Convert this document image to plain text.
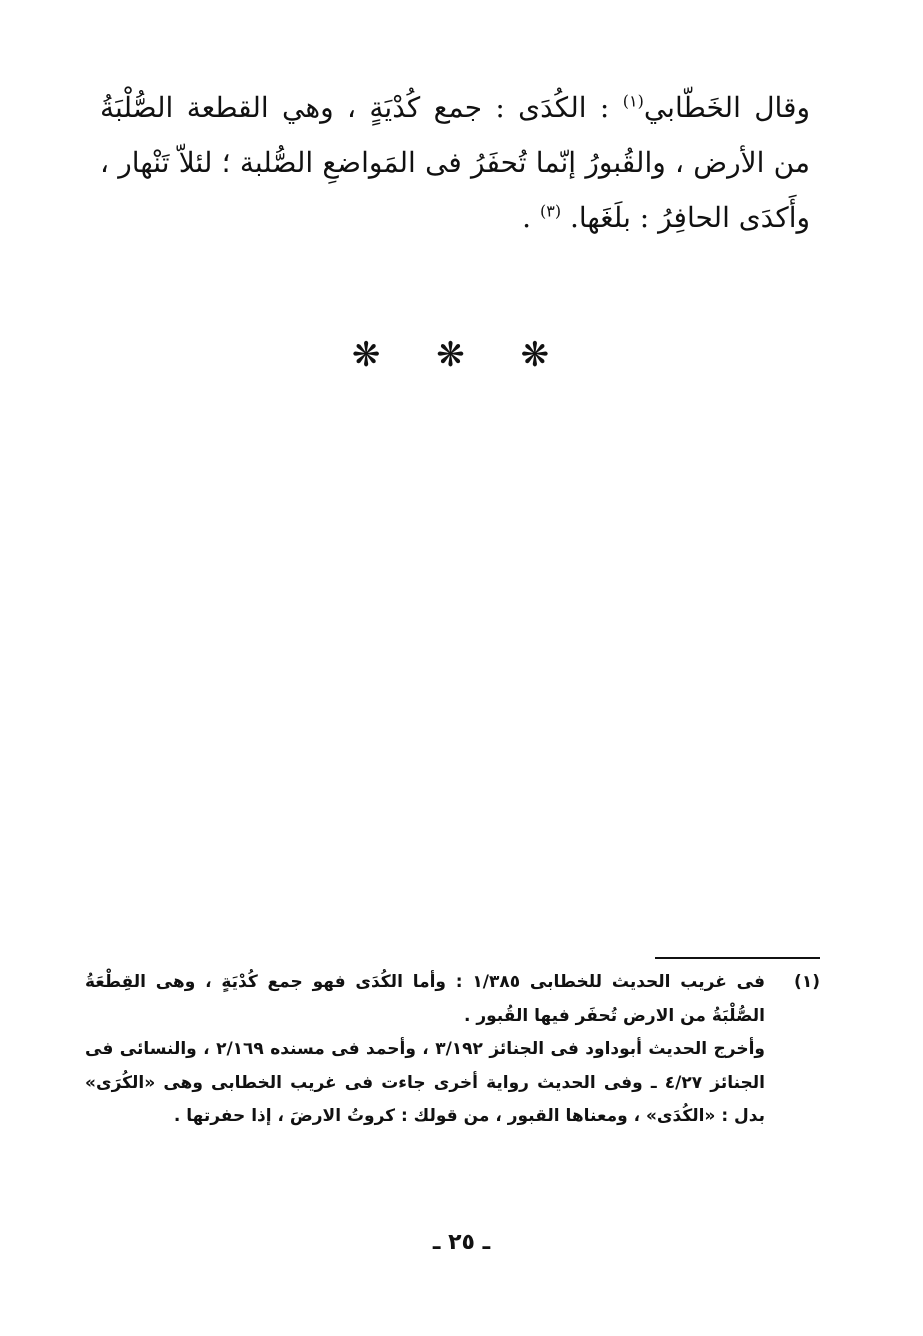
وقال الخَطّابي$^{(١)}$ : الكُدَى : جمع كُدْيَةٍ ، وهي القطعة الصُّلْبَةُ من الأرض ، والقُبورُ إنّما تُحفَرُ فى المَواضعِ الصُّلبة ؛ لئلاّ تَنْهار ، وأَكدَى الحافِرُ : بلَغَها. $^{(٣)}$ .

❋ ❋ ❋
(١)

فى غريب الحديث للخطابى ١/٣٨٥ : وأما الكُدَى فهو جمع كُدْيَةٍ ، وهى القِطْعَةُ الصُّلْبَةُ من الارض تُحفَر فيها القُبور .

وأخرج الحديث أبوداود فى الجنائز ٣/١٩٢ ، وأحمد فى مسنده ٢/١٦٩ ، والنسائى فى الجنائز ٤/٢٧ ـ وفى الحديث رواية أخرى جاءت فى غريب الخطابى وهى «الكُرَى» بدل : «الكُدَى» ، ومعناها القبور ، من قولك : كروتُ الارضَ ، إذا حفرتها .

ـ ٢٥ ـ
